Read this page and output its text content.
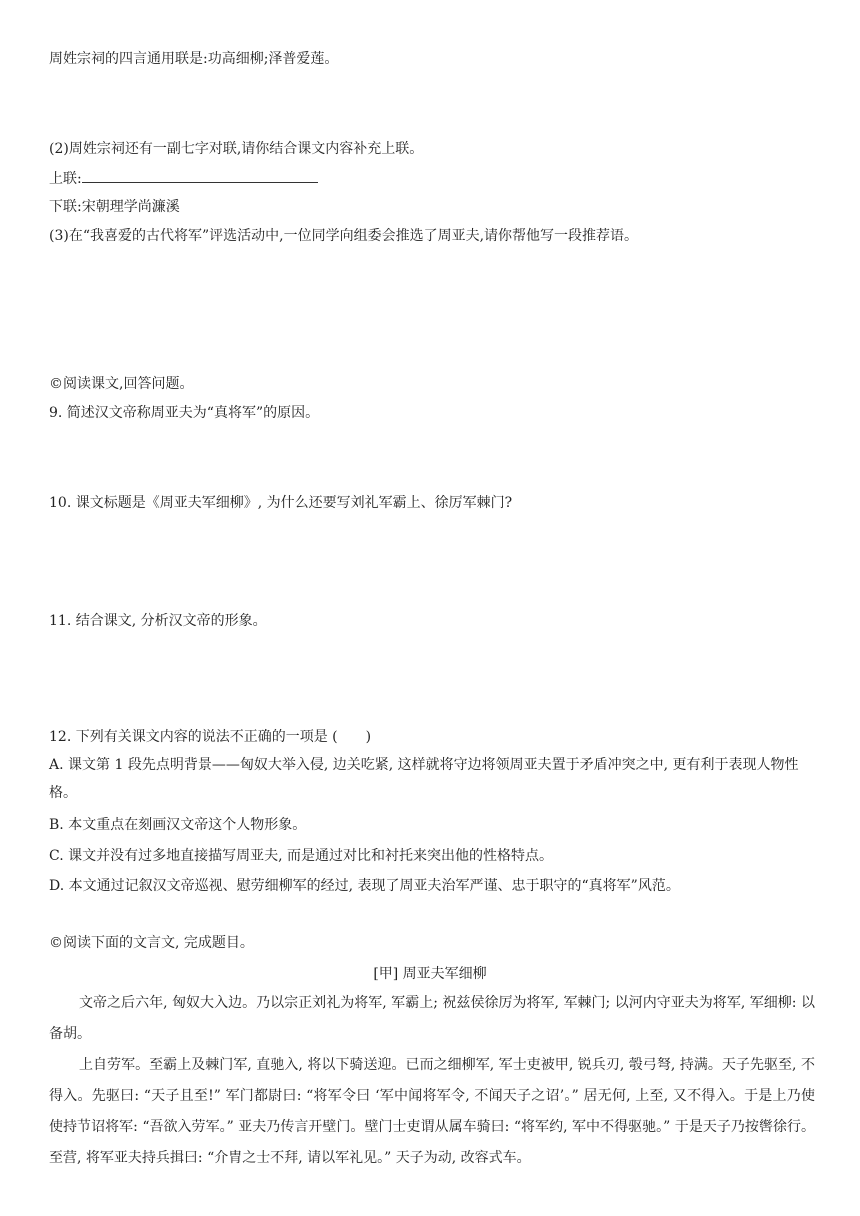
周姓宗祠的四言通用联是:功高细柳;泽普爱莲。
(2)周姓宗祠还有一副七字对联,请你结合课文内容补充上联。
上联:
下联:宋朝理学尚濂溪
(3)在“我喜爱的古代将军”评选活动中,一位同学向组委会推选了周亚夫,请你帮他写一段推荐语。
©阅读课文,回答问题。
9. 简述汉文帝称周亚夫为“真将军”的原因。
10. 课文标题是《周亚夫军细柳》, 为什么还要写刘礼军霸上、徐厉军棘门?
11. 结合课文, 分析汉文帝的形象。
12. 下列有关课文内容的说法不正确的一项是 (　　)
A. 课文第 1 段先点明背景——匈奴大举入侵, 边关吃紧, 这样就将守边将领周亚夫置于矛盾冲突之中, 更有利于表现人物性格。
B. 本文重点在刻画汉文帝这个人物形象。
C. 课文并没有过多地直接描写周亚夫, 而是通过对比和衬托来突出他的性格特点。
D. 本文通过记叙汉文帝巡视、慰劳细柳军的经过, 表现了周亚夫治军严谨、忠于职守的“真将军”风范。
©阅读下面的文言文, 完成题目。
[甲] 周亚夫军细柳
文帝之后六年, 匈奴大入边。乃以宗正刘礼为将军, 军霸上; 祝兹侯徐厉为将军, 军棘门; 以河内守亚夫为将军, 军细柳: 以备胡。
上自劳军。至霸上及棘门军, 直驰入, 将以下骑送迎。已而之细柳军, 军士吏被甲, 锐兵刃, 彀弓弩, 持满。天子先驱至, 不得入。先驱曰: “天子且至!” 军门都尉曰: “将军令曰 ‘军中闻将军令, 不闻天子之诏’。” 居无何, 上至, 又不得入。于是上乃使使持节诏将军: “吾欲入劳军。” 亚夫乃传言开壁门。壁门士吏谓从属车骑曰: “将军约, 军中不得驱驰。” 于是天子乃按辔徐行。至营, 将军亚夫持兵揖曰: “介胄之士不拜, 请以军礼见。” 天子为动, 改容式车。
